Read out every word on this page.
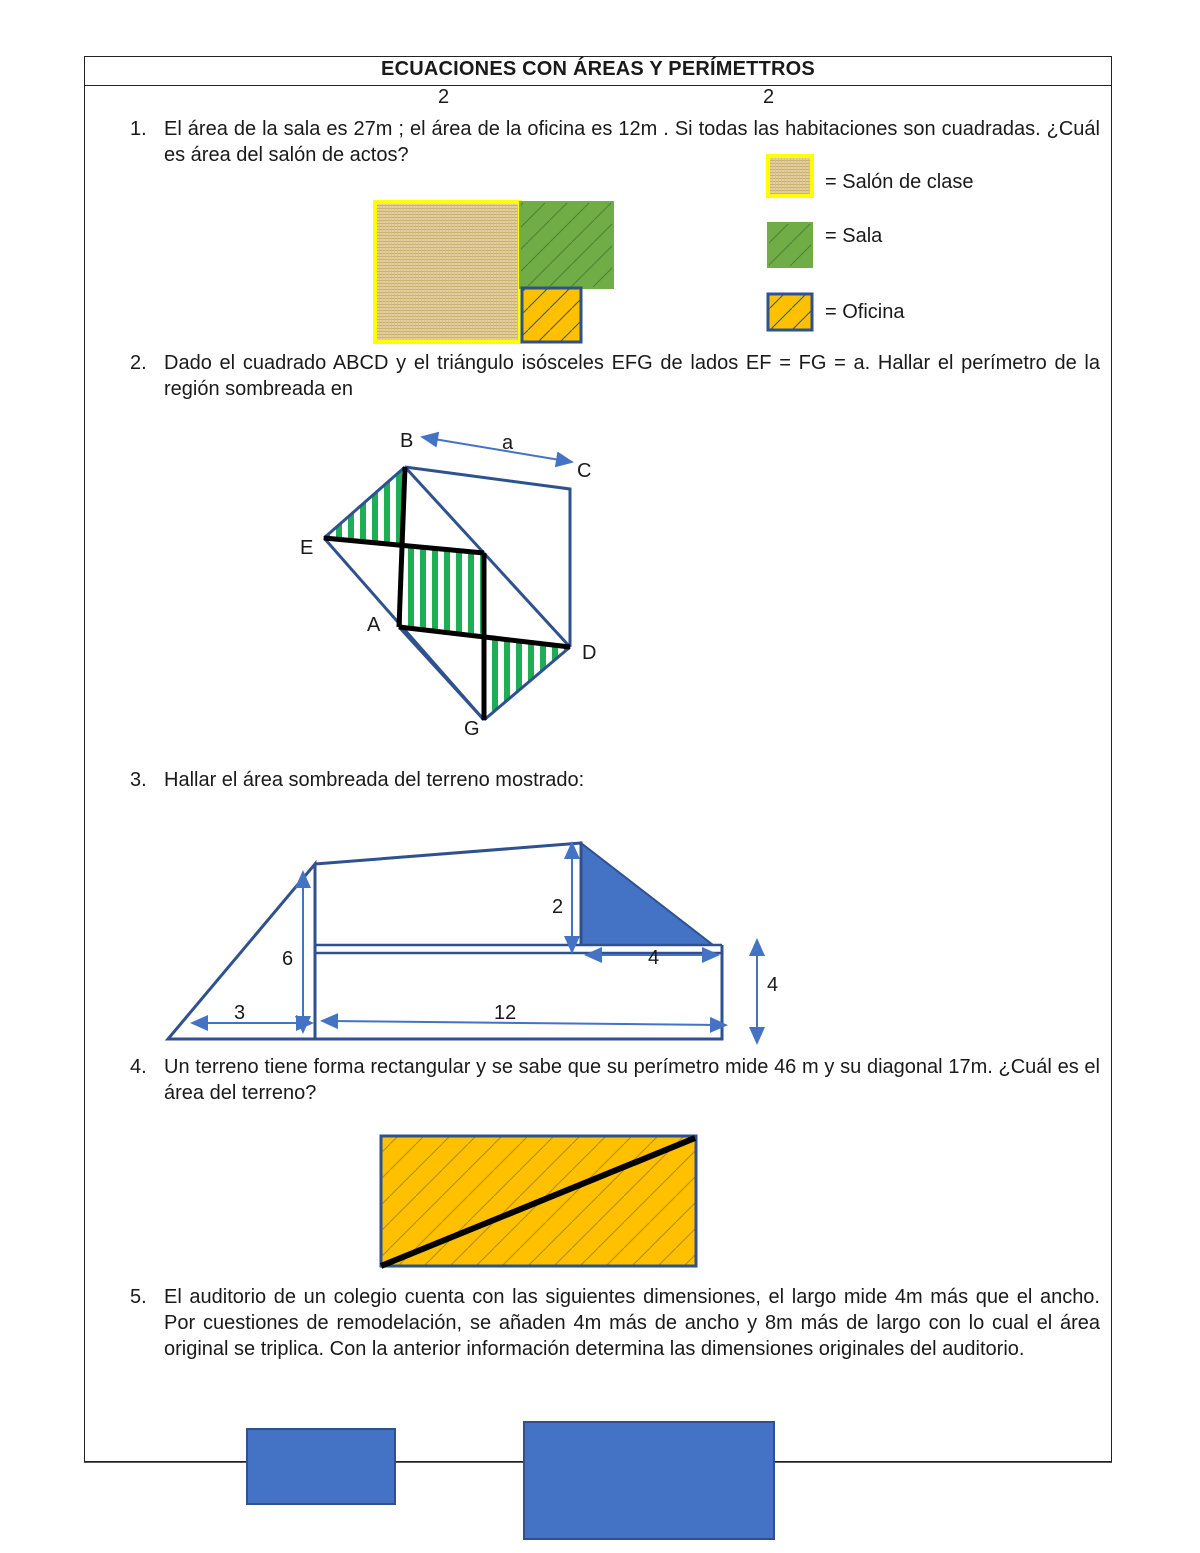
ECUACIONES CON ÁREAS Y PERÍMETTROS
2	2
1. El área de la sala es 27m ; el área de la oficina es 12m . Si todas las habitaciones son cuadradas. ¿Cuál es área del salón de actos?
2. Dado el cuadrado ABCD y el triángulo isósceles EFG de lados EF = FG = a. Hallar el perímetro de la región sombreada en
3. Hallar el área sombreada del terreno mostrado:
4. Un terreno tiene forma rectangular y se sabe que su perímetro mide 46 m y su diagonal 17m. ¿Cuál es el área del terreno?
5. El auditorio de un colegio cuenta con las siguientes dimensiones, el largo mide 4m más que el ancho. Por cuestiones de remodelación, se añaden 4m más de ancho y 8m más de largo con lo cual el área original se triplica. Con la anterior información determina las dimensiones originales del auditorio.
= Salón de clase
= Sala
= Oficina
B	a
C
E
A
D
G
2
6
3	12
4
4
